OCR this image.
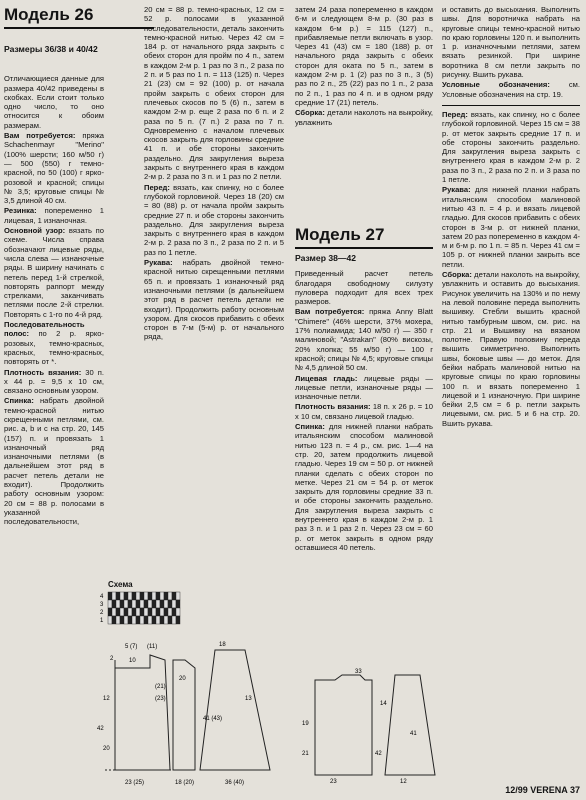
Модель 26
Размеры 36/38 и 40/42

Отличающиеся данные для размера 40/42 приведены в скобках. Если стоит только одно число, то оно относится к обоим размерам.

Вам потребуется: пряжа Schachenmayr "Merino" (100% шерсти; 160 м/50 г) — 500 (550) г темно-красной, по 50 (100) г ярко-розовой и красной; спицы № 3,5; круговые спицы № 3,5 длиной 40 см.

Резинка: попеременно 1 лицевая, 1 изнаночная.

Основной узор: вязать по схеме. Числа справа обозначают лицевые ряды, числа слева — изнаночные ряды. В ширину начинать с петель перед 1-й стрелкой, повторять раппорт между стрелками, заканчивать петлями после 2-й стрелки. Повторять с 1-го по 4-й ряд.

Последовательность полос: по 2 р. ярко-розовых, темно-красных, красных, темно-красных, повторять от *.

Плотность вязания: 30 п. х 44 р. = 9,5 х 10 см, связано основным узором.

Спинка: набрать двойной темно-красной нитью скрещенными петлями, см. рис. a, b и c на стр. 20, 145 (157) п. и провязать 1 изнаночный ряд изнаночными петлями (в дальнейшем этот ряд в расчет петель детали не входит). Продолжить работу основным узором: 20 см = 88 р. полосами в указанной последовательности,

20 см = 88 р. темно-красных, 12 см = 52 р. полосами в указанной последовательности, деталь закончить темно-красной нитью. Через 42 см = 184 р. от начального ряда закрыть с обеих сторон для пройм по 4 п., затем в каждом 2-м р. 1 раз по 3 п., 2 раза по 2 п. и 5 раз по 1 п. = 113 (125) п. Через 21 (23) см = 92 (100) р. от начала пройм закрыть с обеих сторон для плечевых скосов по 5 (6) п., затем в каждом 2-м р. еще 2 раза по 6 п. и 2 раза по 5 п. (7 п.) 2 раза по 7 п. Одновременно с началом плечевых скосов закрыть для горловины средние 41 п. и обе стороны закончить раздельно. Для закругления выреза закрыть с внутреннего края в каждом 2-м р. 2 раза по 3 п. и 1 раз по 2 петли.

Перед: вязать, как спинку, но с более глубокой горловиной. Через 18 (20) см = 80 (88) р. от начала пройм закрыть средние 27 п. и обе стороны закончить раздельно. Для закругления выреза закрыть с внутреннего края в каждом 2-м р. 2 раза по 3 п., 2 раза по 2 п. и 5 раз по 1 петле.

Рукава: набрать двойной темно-красной нитью скрещенными петлями 65 п. и провязать 1 изнаночный ряд изнаночными петлями (в дальнейшем этот ряд в расчет петель детали не входит). Продолжить работу основным узором. Для скосов прибавить с обеих сторон в 7-м (5-м) р. от начального ряда,

затем 24 раза попеременно в каждом 6-м и следующем 8-м р. (30 раз в каждом 6-м р.) = 115 (127) п., прибавляемые петли включать в узор. Через 41 (43) см = 180 (188) р. от начального ряда закрыть с обеих сторон для оката по 5 п., затем в каждом 2-м р. 1 (2) раз по 3 п., 3 (5) раз по 2 п., 25 (22) раз по 1 п., 2 раза по 2 п., 1 раз по 4 п. и в одном ряду средние 17 (21) петель.

Сборка: детали наколоть на выкройку, увлажнить

Модель 27
Размер 38—42

Приведенный расчет петель благодаря свободному силуэту пуловера подходит для всех трех размеров.

Вам потребуется: пряжа Anny Blatt "Chimere" (46% шерсти, 37% мохера, 17% полиамида; 140 м/50 г) — 350 г малиновой; "Astrakan" (80% вискозы, 20% хлопка; 55 м/50 г) — 100 г красной; спицы № 4,5; круговые спицы № 4,5 длиной 50 см.

Лицевая гладь: лицевые ряды — лицевые петли, изнаночные ряды — изнаночные петли.

Плотность вязания: 18 п. х 26 р. = 10 х 10 см, связано лицевой гладью.

Спинка: для нижней планки набрать итальянским способом малиновой нитью 123 п. = 4 р., см. рис. 1—4 на стр. 20, затем продолжить лицевой гладью. Через 19 см = 50 р. от нижней планки сделать с обеих сторон по метке. Через 21 см = 54 р. от меток закрыть для горловины средние 33 п. и обе стороны закончить раздельно. Для закругления выреза закрыть с внутреннего края в каждом 2-м р. 1 раз 3 п. и 1 раз 2 п. Через 23 см = 60 р. от меток закрыть в одном ряду оставшиеся 40 петель.

и оставить до высыхания. Выполнить швы. Для воротничка набрать на круговые спицы темно-красной нитью по краю горловины 120 п. и выполнить 1 р. изначночными петлями, затем вязать резинкой. При ширине воротника 8 см петли закрыть по рисунку. Вшить рукава.

Условные обозначения: см. Условные обозначения на стр. 19.

Перед: вязать, как спинку, но с более глубокой горловиной. Через 15 см = 38 р. от меток закрыть средние 17 п. и обе стороны закончить раздельно. Для закругления выреза закрыть с внутреннего края в каждом 2-м р. 2 раза по 3 п., 2 раза по 2 п. и 3 раза по 1 петле.

Рукава: для нижней планки набрать итальянским способом малиновой нитью 43 п. = 4 р. и вязать лицевой гладью. Для скосов прибавить с обеих сторон в 3-м р. от нижней планки, затем 20 раз попеременно в каждом 4-м и 6-м р. по 1 п. = 85 п. Через 41 см = 105 р. от нижней планки закрыть все петли.

Сборка: детали наколоть на выкройку, увлажнить и оставить до высыхания. Рисунок увеличить на 130% и по нему на левой половине переда выполнить вышивку. Стебли вышить красной нитью тамбурным швом, см. рис. на стр. 21 и Вышивку на вязаном полотне. Правую половину переда вышить симметрично. Выполнить швы, боковые швы — до меток. Для бейки набрать малиновой нитью на круговые спицы по краю горловины 100 п. и вязать попеременно 1 лицевой и 1 изнаночную. При ширине бейки 2,5 см = 6 р. петли закрыть лицевыми, см. рис. 5 и 6 на стр. 20. Вшить рукава.

Схема
4
3
2
1
5 (7) (11)
10
2
(21)
(23)
18
42
23 (25)	18 (20)
13
41 (43)
36 (40)
20
12
20
19
14
21	42
23
33
41
12
12/99 VERENA 37
